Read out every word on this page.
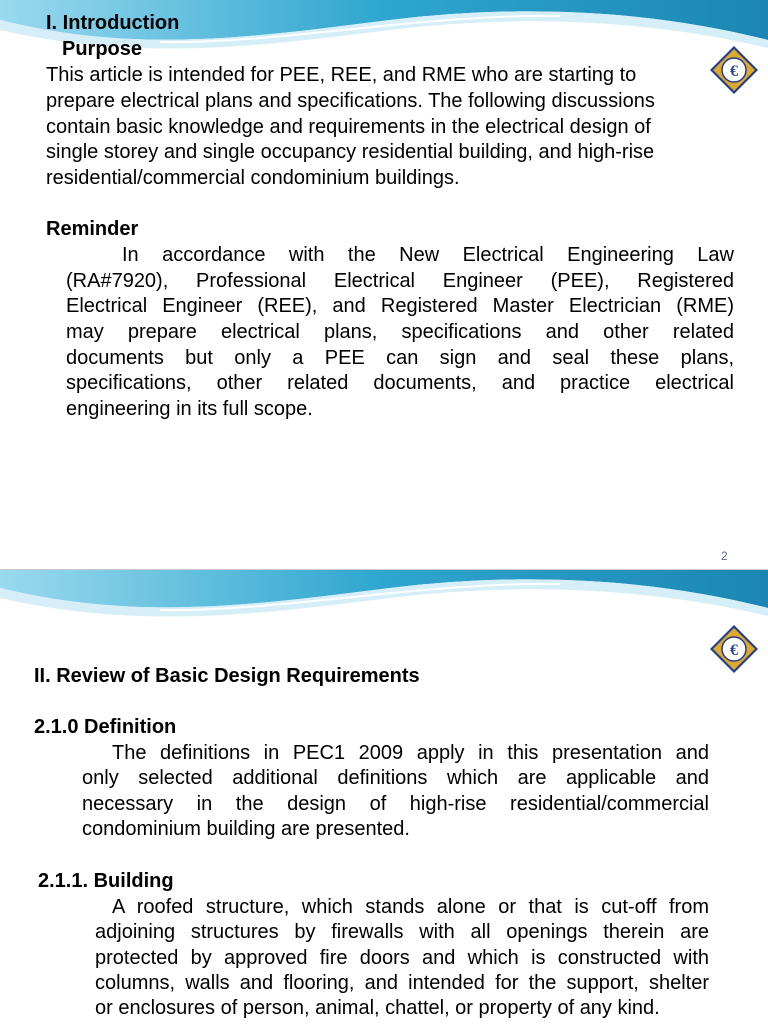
€

I. Introduction

Purpose

This article is intended for PEE, REE, and RME who are starting to

prepare electrical plans and specifications. The following discussions

contain basic knowledge and requirements in the electrical design of

single storey and single occupancy residential building, and high-rise

residential/commercial condominium buildings.

Reminder

In accordance with the New Electrical Engineering Law

(RA#7920), Professional Electrical Engineer (PEE), Registered

Electrical Engineer (REE), and Registered Master Electrician (RME)

may prepare electrical plans, specifications and other related

documents but only a PEE can sign and seal these plans,

specifications, other related documents, and practice electrical

engineering in its full scope.

2
€

II. Review of Basic Design Requirements

2.1.0 Definition

The definitions in PEC1 2009 apply in this presentation and

only selected additional definitions which are applicable and

necessary in the design of high-rise residential/commercial

condominium building are presented.

2.1.1. Building

A roofed structure, which stands alone or that is cut-off from

adjoining structures by firewalls with all openings therein are

protected by approved fire doors and which is constructed with

columns, walls and flooring, and intended for the support, shelter

or enclosures of person, animal, chattel, or property of any kind.
